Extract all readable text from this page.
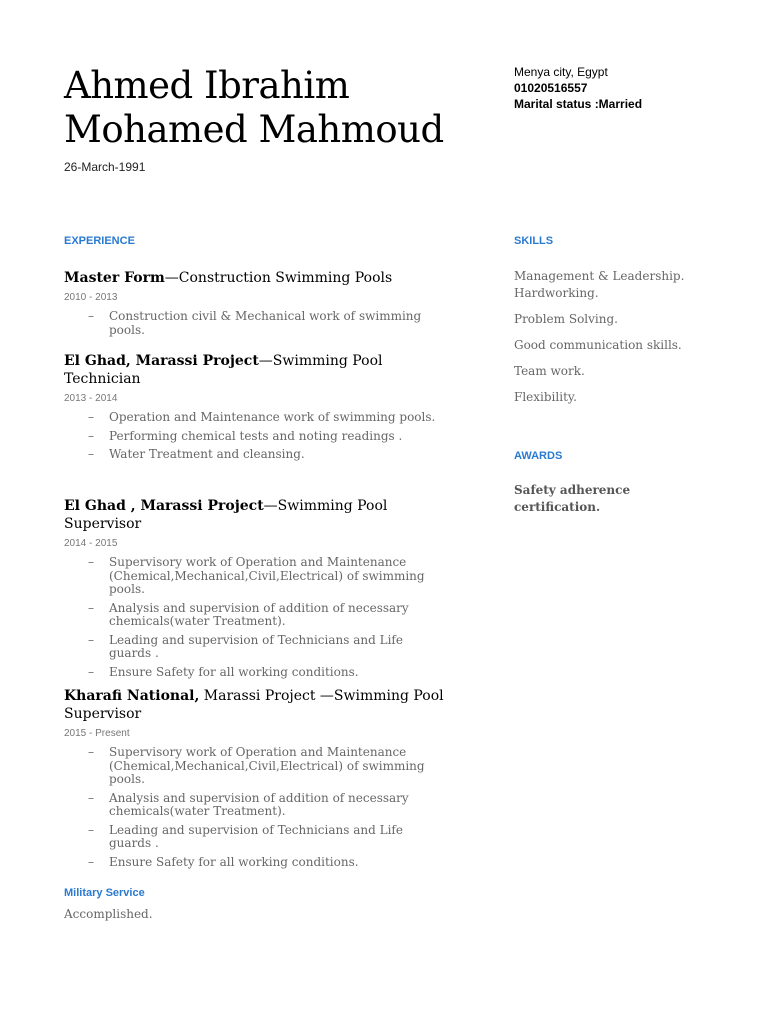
Ahmed Ibrahim
Mohamed Mahmoud
26-March-1991
Menya city, Egypt
01020516557
Marital status :Married
EXPERIENCE
Master Form—Construction Swimming Pools
2010 - 2013
– Construction civil & Mechanical work of swimming pools.
El Ghad, Marassi Project—Swimming Pool Technician
2013 - 2014
– Operation and Maintenance work of swimming pools.
– Performing chemical tests and noting readings .
– Water Treatment and cleansing.
El Ghad , Marassi Project—Swimming Pool Supervisor
2014 - 2015
– Supervisory work of Operation and Maintenance (Chemical,Mechanical,Civil,Electrical) of swimming pools.
– Analysis and supervision of addition of necessary chemicals(water Treatment).
– Leading and supervision of Technicians and Life guards .
– Ensure Safety for all working conditions.
Kharafi National, Marassi Project —Swimming Pool Supervisor
2015 - Present
– Supervisory work of Operation and Maintenance (Chemical,Mechanical,Civil,Electrical) of swimming pools.
– Analysis and supervision of addition of necessary chemicals(water Treatment).
– Leading and supervision of Technicians and Life guards .
– Ensure Safety for all working conditions.
Military Service
Accomplished.
SKILLS
Management & Leadership. Hardworking.
Problem Solving.
Good communication skills.
Team work.
Flexibility.
AWARDS
Safety adherence certification.
